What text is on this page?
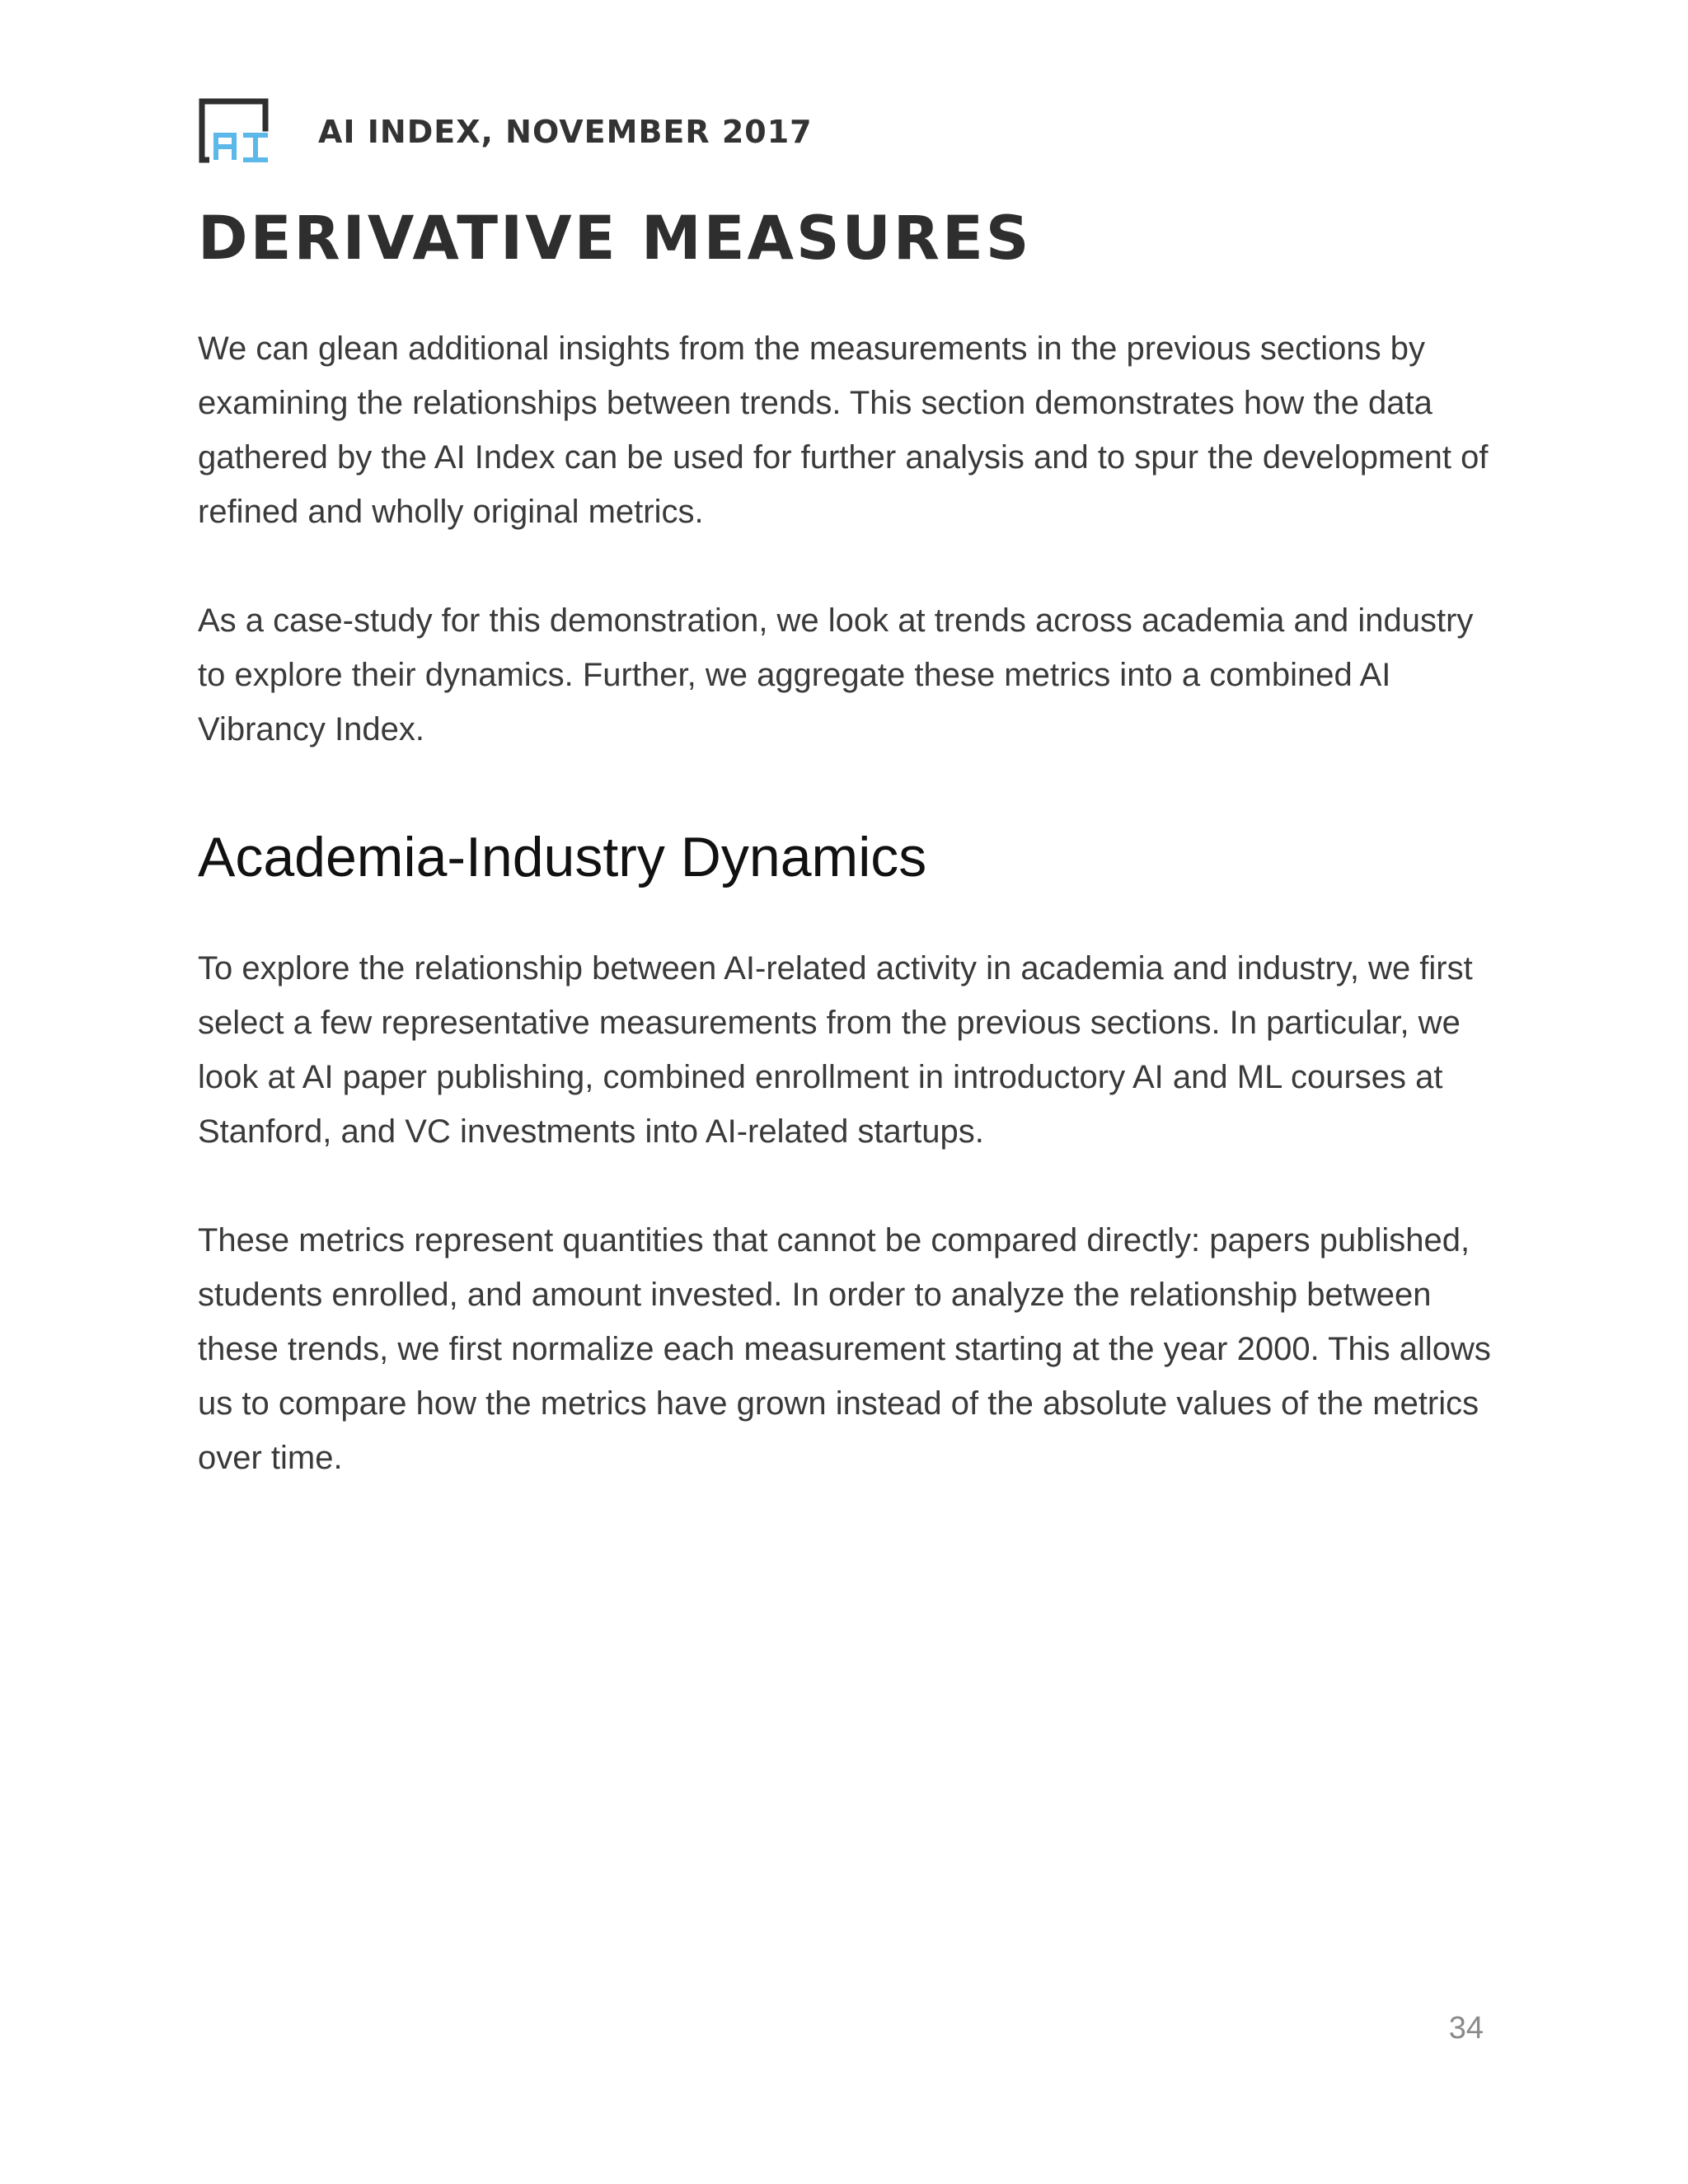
AI INDEX, NOVEMBER 2017
DERIVATIVE MEASURES

We can glean additional insights from the measurements in the previous sections by examining the relationships between trends. This section demonstrates how the data gathered by the AI Index can be used for further analysis and to spur the development of refined and wholly original metrics.

As a case-study for this demonstration, we look at trends across academia and industry to explore their dynamics. Further, we aggregate these metrics into a combined AI Vibrancy Index.

Academia-Industry Dynamics

To explore the relationship between AI-related activity in academia and industry, we first select a few representative measurements from the previous sections. In particular, we look at AI paper publishing, combined enrollment in introductory AI and ML courses at Stanford, and VC investments into AI-related startups.

These metrics represent quantities that cannot be compared directly: papers published, students enrolled, and amount invested. In order to analyze the relationship between these trends, we first normalize each measurement starting at the year 2000. This allows us to compare how the metrics have grown instead of the absolute values of the metrics over time.

34
